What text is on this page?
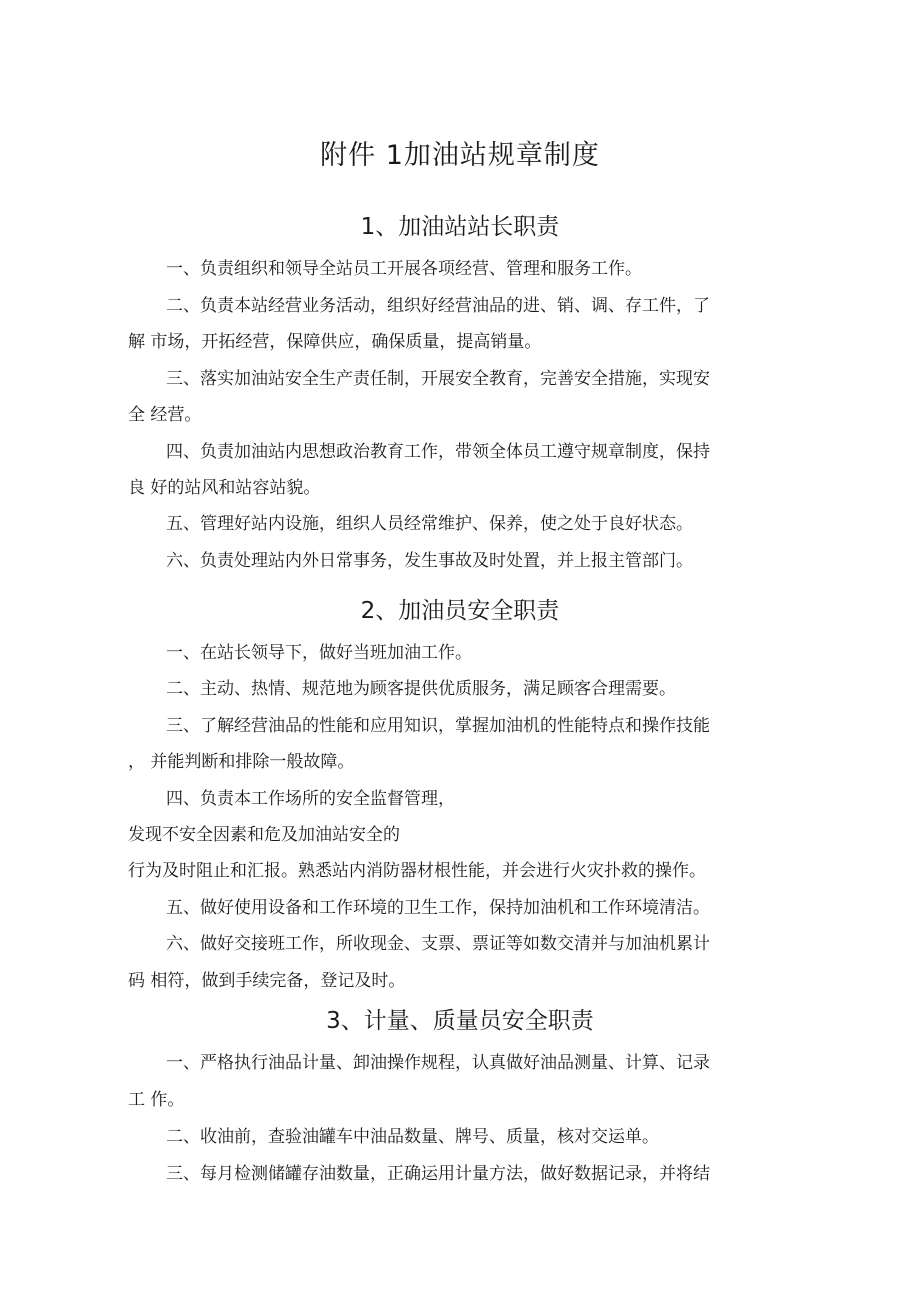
附件 1加油站规章制度
1、加油站站长职责

一、负责组织和领导全站员工开展各项经营、管理和服务工作。

二、负责本站经营业务活动，组织好经营油品的进、销、调、存工件，了

解 市场，开拓经营，保障供应，确保质量，提高销量。

三、落实加油站安全生产责任制，开展安全教育，完善安全措施，实现安

全 经营。

四、负责加油站内思想政治教育工作，带领全体员工遵守规章制度，保持

良 好的站风和站容站貌。

五、管理好站内设施，组织人员经常维护、保养，使之处于良好状态。

六、负责处理站内外日常事务，发生事故及时处置，并上报主管部门。

2、加油员安全职责

一、在站长领导下，做好当班加油工作。

二、主动、热情、规范地为顾客提供优质服务，满足顾客合理需要。

三、了解经营油品的性能和应用知识，掌握加油机的性能特点和操作技能

， 并能判断和排除一般故障。

四、负责本工作场所的安全监督管理，

发现不安全因素和危及加油站安全的

行为及时阻止和汇报。熟悉站内消防器材根性能，并会进行火灾扑救的操作。

五、做好使用设备和工作环境的卫生工作，保持加油机和工作环境清洁。

六、做好交接班工作，所收现金、支票、票证等如数交清并与加油机累计

码 相符，做到手续完备，登记及时。

3、计量、质量员安全职责

一、严格执行油品计量、卸油操作规程，认真做好油品测量、计算、记录

工 作。

二、收油前，查验油罐车中油品数量、牌号、质量，核对交运单。

三、每月检测储罐存油数量，正确运用计量方法，做好数据记录，并将结
